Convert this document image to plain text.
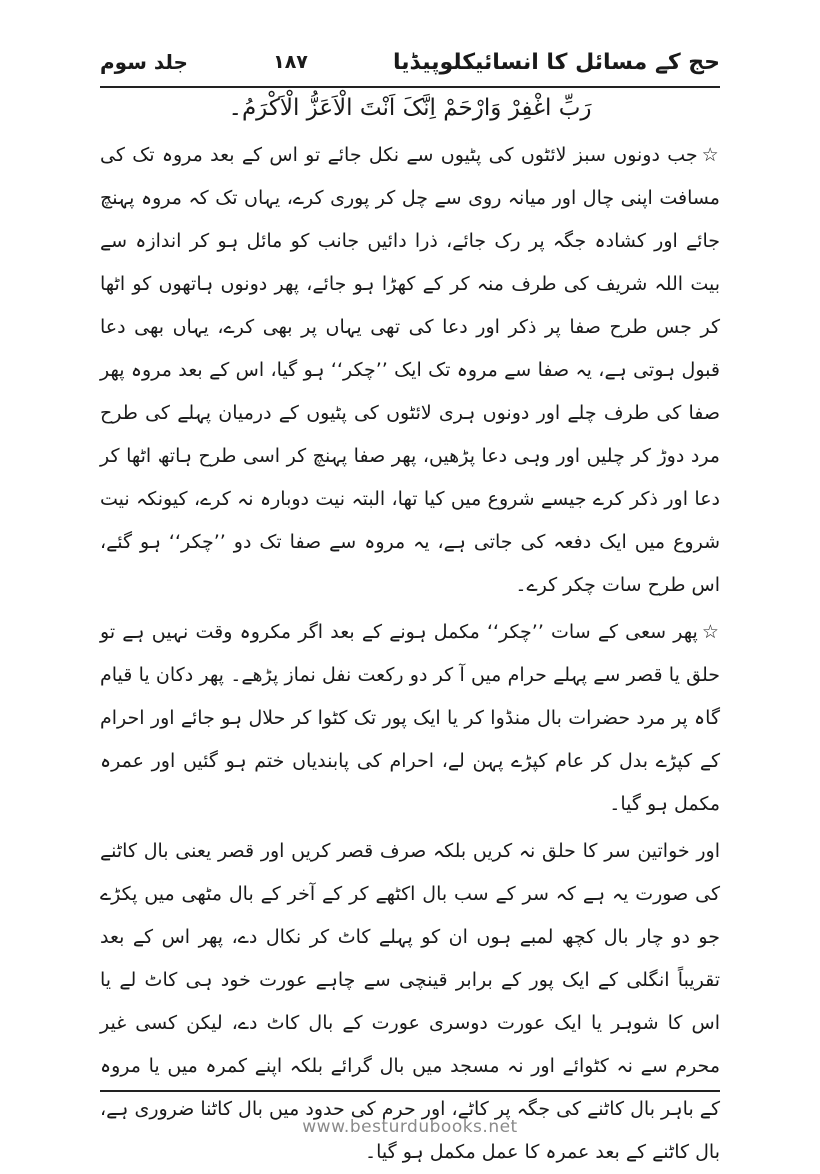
حج کے مسائل کا انسائیکلوپیڈیا
۱۸۷
جلد سوم

رَبِّ اغْفِرْ وَارْحَمْ اِنَّکَ اَنْتَ الْاَعَزُّ الْاَکْرَمُ۔

☆جب دونوں سبز لائٹوں کی پٹیوں سے نکل جائے تو اس کے بعد مروہ تک کی مسافت اپنی چال اور میانہ روی سے چل کر پوری کرے، یہاں تک کہ مروہ پہنچ جائے اور کشادہ جگہ پر رک جائے، ذرا دائیں جانب کو مائل ہو کر اندازہ سے بیت اللہ شریف کی طرف منہ کر کے کھڑا ہو جائے، پھر دونوں ہاتھوں کو اٹھا کر جس طرح صفا پر ذکر اور دعا کی تھی یہاں پر بھی کرے، یہاں بھی دعا قبول ہوتی ہے، یہ صفا سے مروہ تک ایک ’’چکر‘‘ ہو گیا، اس کے بعد مروہ پھر صفا کی طرف چلے اور دونوں ہری لائٹوں کی پٹیوں کے درمیان پہلے کی طرح مرد دوڑ کر چلیں اور وہی دعا پڑھیں، پھر صفا پہنچ کر اسی طرح ہاتھ اٹھا کر دعا اور ذکر کرے جیسے شروع میں کیا تھا، البتہ نیت دوبارہ نہ کرے، کیونکہ نیت شروع میں ایک دفعہ کی جاتی ہے، یہ مروہ سے صفا تک دو ’’چکر‘‘ ہو گئے، اس طرح سات چکر کرے۔

☆پھر سعی کے سات ’’چکر‘‘ مکمل ہونے کے بعد اگر مکروہ وقت نہیں ہے تو حلق یا قصر سے پہلے حرام میں آ کر دو رکعت نفل نماز پڑھے۔ پھر دکان یا قیام گاہ پر مرد حضرات بال منڈوا کر یا ایک پور تک کٹوا کر حلال ہو جائے اور احرام کے کپڑے بدل کر عام کپڑے پہن لے، احرام کی پابندیاں ختم ہو گئیں اور عمرہ مکمل ہو گیا۔

اور خواتین سر کا حلق نہ کریں بلکہ صرف قصر کریں اور قصر یعنی بال کاٹنے کی صورت یہ ہے کہ سر کے سب بال اکٹھے کر کے آخر کے بال مٹھی میں پکڑے جو دو چار بال کچھ لمبے ہوں ان کو پہلے کاٹ کر نکال دے، پھر اس کے بعد تقریباً انگلی کے ایک پور کے برابر قینچی سے چاہے عورت خود ہی کاٹ لے یا اس کا شوہر یا ایک عورت دوسری عورت کے بال کاٹ دے، لیکن کسی غیر محرم سے نہ کٹوائے اور نہ مسجد میں بال گرائے بلکہ اپنے کمرہ میں یا مروہ کے باہر بال کاٹنے کی جگہ پر کاٹے، اور حرم کی حدود میں بال کاٹنا ضروری ہے، بال کاٹنے کے بعد عمرہ کا عمل مکمل ہو گیا۔

www.besturdubooks.net
